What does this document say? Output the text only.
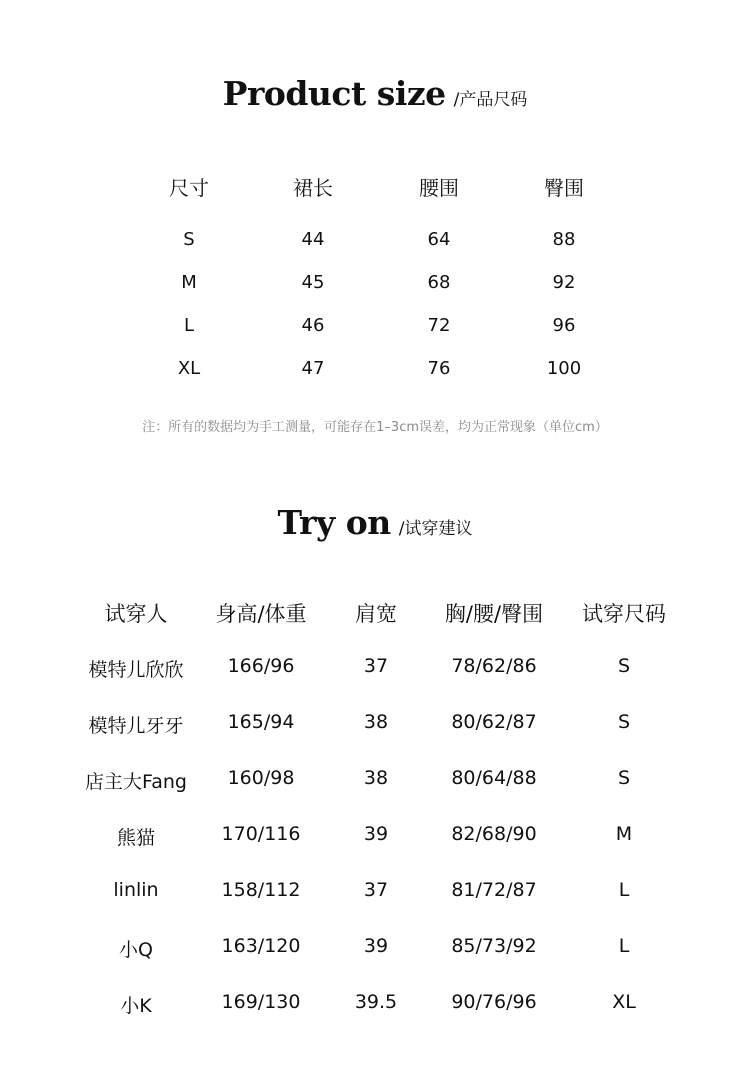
Product size /产品尺码
尺寸	裙长	腰围	臀围
S	44	64	88
M	45	68	92
L	46	72	96
XL	47	76	100
注：所有的数据均为手工测量，可能存在1–3cm误差，均为正常现象（单位cm）
Try on /试穿建议
试穿人 身高/体重 肩宽 胸/腰/臀围 试穿尺码
模特儿欣欣 166/96	37	78/62/86	S
模特儿牙牙 165/94	38	80/62/87	S
店主大Fang 160/98	38	80/64/88	S
熊猫	170/116	39	82/68/90	M
linlin	158/112	37	81/72/87	L
小Q	163/120	39	85/73/92	L
小K	169/130	39.5	90/76/96	XL
